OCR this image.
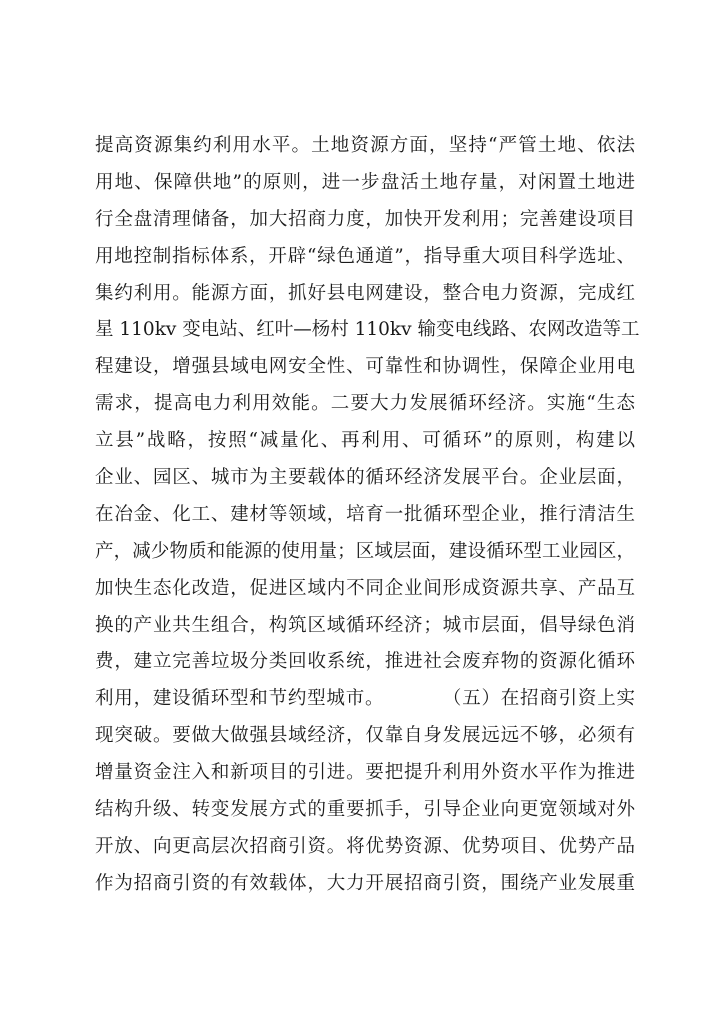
提高资源集约利用水平。土地资源方面，坚持“严管土地、依法
用地、保障供地”的原则，进一步盘活土地存量，对闲置土地进
行全盘清理储备，加大招商力度，加快开发利用；完善建设项目
用地控制指标体系，开辟“绿色通道”，指导重大项目科学选址、
集约利用。能源方面，抓好县电网建设，整合电力资源，完成红
星 110kv 变电站、红叶—杨村 110kv 输变电线路、农网改造等工
程建设，增强县域电网安全性、可靠性和协调性，保障企业用电
需求，提高电力利用效能。二要大力发展循环经济。实施“生态
立县”战略，按照“减量化、再利用、可循环”的原则，构建以
企业、园区、城市为主要载体的循环经济发展平台。企业层面，
在冶金、化工、建材等领域，培育一批循环型企业，推行清洁生
产，减少物质和能源的使用量；区域层面，建设循环型工业园区，
加快生态化改造，促进区域内不同企业间形成资源共享、产品互
换的产业共生组合，构筑区域循环经济；城市层面，倡导绿色消
费，建立完善垃圾分类回收系统，推进社会废弃物的资源化循环
利用，建设循环型和节约型城市。　　　　（五）在招商引资上实
现突破。要做大做强县域经济，仅靠自身发展远远不够，必须有
增量资金注入和新项目的引进。要把提升利用外资水平作为推进
结构升级、转变发展方式的重要抓手，引导企业向更宽领域对外
开放、向更高层次招商引资。将优势资源、优势项目、优势产品
作为招商引资的有效载体，大力开展招商引资，围绕产业发展重
